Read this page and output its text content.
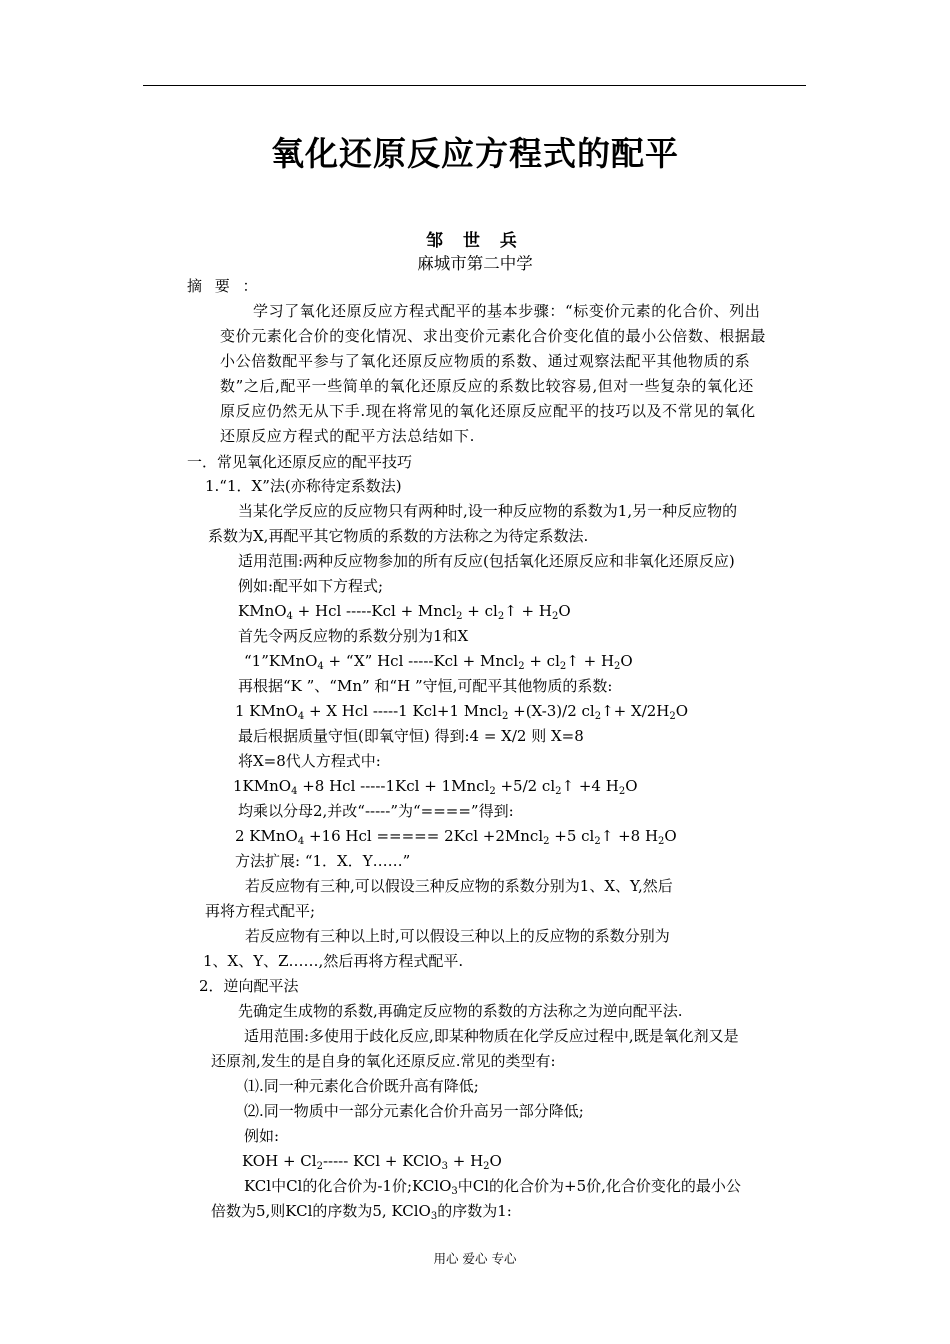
氧化还原反应方程式的配平
邹 世 兵
麻城市第二中学
摘 要 ：
学习了氧化还原反应方程式配平的基本步骤：“标变价元素的化合价、列出
变价元素化合价的变化情况、求出变价元素化合价变化值的最小公倍数、根据最
小公倍数配平参与了氧化还原反应物质的系数、通过观察法配平其他物质的系
数”之后,配平一些简单的氧化还原反应的系数比较容易,但对一些复杂的氧化还
原反应仍然无从下手.现在将常见的氧化还原反应配平的技巧以及不常见的氧化
还原反应方程式的配平方法总结如下.
一．常见氧化还原反应的配平技巧
1.“1．X”法(亦称待定系数法)
当某化学反应的反应物只有两种时,设一种反应物的系数为1,另一种反应物的
系数为X,再配平其它物质的系数的方法称之为待定系数法.
适用范围:两种反应物参加的所有反应(包括氧化还原反应和非氧化还原反应)
例如:配平如下方程式;
KMnO$_4$ + Hcl -----Kcl + Mncl$_2$ + $cl_2↑ + H_2O$
首先令两反应物的系数分别为1和X
“1”KMnO$_4$ + “X” Hcl -----Kcl + Mncl$_2$ + $cl_2↑ + H_2O$
再根据“K ”、“Mn” 和“H ”守恒,可配平其他物质的系数:
1 KMnO$_4$ + X Hcl -----1 Kcl+1 Mncl$_2$ +(X-3)/2 $cl_2↑+ X/2H_2O$
最后根据质量守恒(即氧守恒) 得到:4 = X/2 则 X=8
将X=8代人方程式中:
1KMnO$_4$ +8 Hcl -----1Kcl + 1Mncl$_2$ +5/2 $cl_2↑ +4$ $H_2O$
均乘以分母2,并改“-----”为“====”得到:
2 KMnO$_4$ +16 Hcl ===== 2Kcl +2Mncl$_2$ +5 $cl_2↑ +8$ $H_2O$
方法扩展: “1．X．Y‥‥‥”
若反应物有三种,可以假设三种反应物的系数分别为1、X、Y,然后
再将方程式配平;
若反应物有三种以上时,可以假设三种以上的反应物的系数分别为
1、X、Y、Z‥‥‥,然后再将方程式配平.
2．逆向配平法
先确定生成物的系数,再确定反应物的系数的方法称之为逆向配平法.
适用范围:多使用于歧化反应,即某种物质在化学反应过程中,既是氧化剂又是
还原剂,发生的是自身的氧化还原反应.常见的类型有:
⑴.同一种元素化合价既升高有降低;
⑵.同一物质中一部分元素化合价升高另一部分降低;
例如:
KOH + $Cl_2-----$ KCl + KClO$_3$ + $H_2O$
KCl中Cl的化合价为-1价;KClO$_3$中Cl的化合价为+5价,化合价变化的最小公
倍数为5,则KCl的序数为5, KClO$_3$的序数为1:
用心 爱心 专心
